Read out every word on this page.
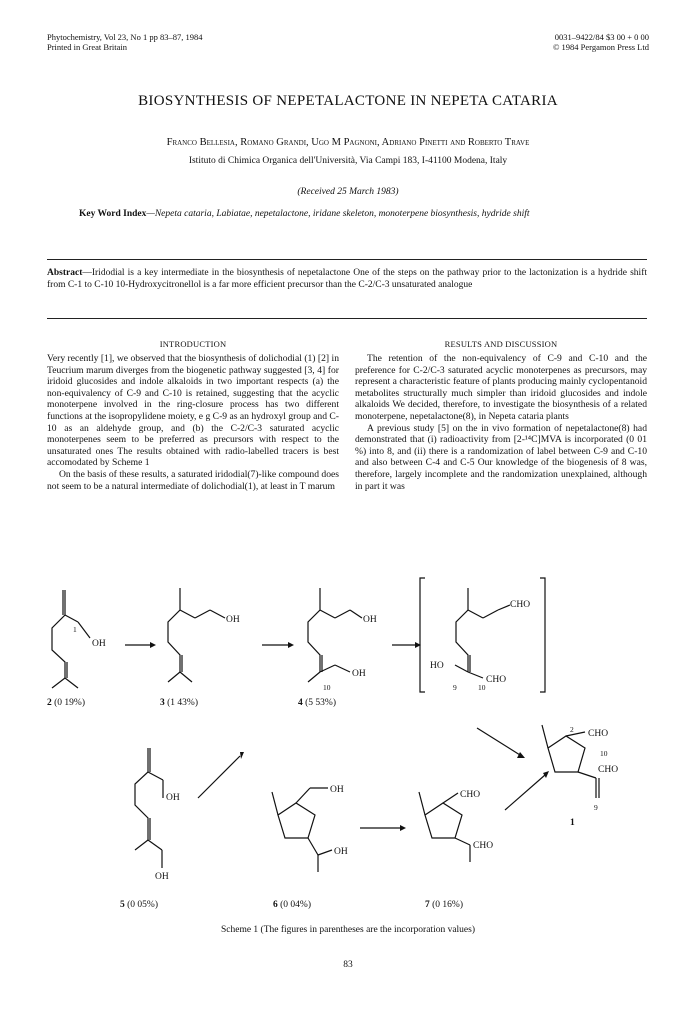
Phytochemistry, Vol 23, No 1 pp 83–87, 1984
Printed in Great Britain
0031–9422/84 $3 00 + 0 00
© 1984 Pergamon Press Ltd
BIOSYNTHESIS OF NEPETALACTONE IN NEPETA CATARIA
Franco Bellesia, Romano Grandi, Ugo M Pagnoni, Adriano Pinetti and Roberto Trave
Istituto di Chimica Organica dell'Università, Via Campi 183, I-41100 Modena, Italy
(Received 25 March 1983)
Key Word Index—Nepeta cataria, Labiatae, nepetalactone, iridane skeleton, monoterpene biosynthesis, hydride shift
Abstract—Iridodial is a key intermediate in the biosynthesis of nepetalactone One of the steps on the pathway prior to the lactonization is a hydride shift from C-1 to C-10 10-Hydroxycitronellol is a far more efficient precursor than the C-2/C-3 unsaturated analogue
INTRODUCTION
Very recently [1], we observed that the biosynthesis of dolichodial (1) [2] in Teucrium marum diverges from the biogenetic pathway suggested [3, 4] for iridoid glucosides and indole alkaloids in two important respects (a) the non-equivalency of C-9 and C-10 is retained, suggesting that the acyclic monoterpene involved in the ring-closure process has two different functions at the isopropylidene moiety, e g C-9 as an hydroxyl group and C-10 as an aldehyde group, and (b) the C-2/C-3 saturated acyclic monoterpenes seem to be preferred as precursors with respect to the unsaturated ones The results obtained with radio-labelled tracers is best accomodated by Scheme 1
On the basis of these results, a saturated iridodial(7)-like compound does not seem to be a natural intermediate of dolichodial(1), at least in T marum
RESULTS AND DISCUSSION
The retention of the non-equivalency of C-9 and C-10 and the preference for C-2/C-3 saturated acyclic monoterpenes as precursors, may represent a characteristic feature of plants producing mainly cyclopentanoid metabolites structurally much simpler than iridoid glucosides and indole alkaloids We decided, therefore, to investigate the biosynthesis of a related monoterpene, nepetalactone(8), in Nepeta cataria plants
A previous study [5] on the in vivo formation of nepetalactone(8) had demonstrated that (i) radioactivity from [2-¹⁴C]MVA is incorporated (0 01 %) into 8, and (ii) there is a randomization of label between C-9 and C-10 and also between C-4 and C-5 Our knowledge of the biogenesis of 8 was, therefore, largely incomplete and the randomization unexplained, although in part it was
OH
1
OH	OH
OH
10
CHO
HO
CHO
9	10
OH
OH
OH
OH
CHO
CHO
CHO
CHO
2
10
9
2 (0 19%)	3 (1 43%)	4 (5 53%)
5 (0 05%)	6 (0 04%)	7 (0 16%)
1
Scheme 1 (The figures in parentheses are the incorporation values)
83
